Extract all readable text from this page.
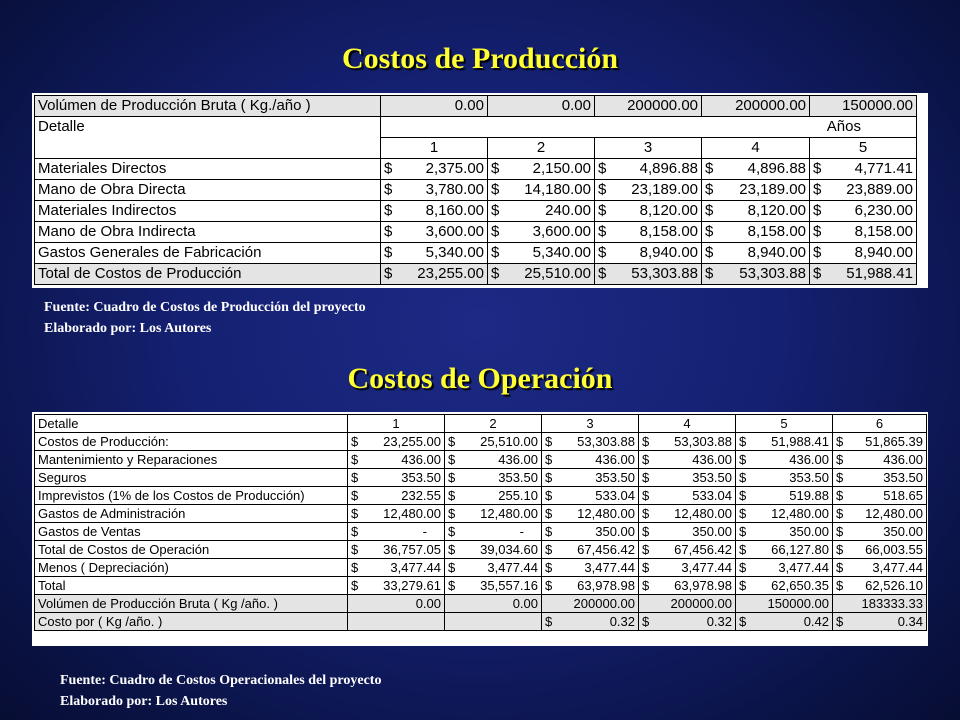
Costos de Producción
Volúmen de Producción Bruta ( Kg./año )	0.00	0.00	200000.00	200000.00	150000.00
Detalle	Años				
	1	2	3	4	5
Materiales Directos	$ 2,375.00	$ 2,150.00	$ 4,896.88	$ 4,896.88	$ 4,771.41

Mano de Obra Directa	$ 3,780.00	$ 14,180.00	$ 23,189.00	$ 23,189.00	$ 23,889.00

Materiales Indirectos	$ 8,160.00	$ 240.00	$ 8,120.00	$ 8,120.00	$ 6,230.00

Mano de Obra Indirecta	$ 3,600.00	$ 3,600.00	$ 8,158.00	$ 8,158.00	$ 8,158.00

Gastos Generales de Fabricación	$ 5,340.00	$ 5,340.00	$ 8,940.00	$ 8,940.00	$ 8,940.00

Total de Costos de Producción	$ 23,255.00	$ 25,510.00	$ 53,303.88	$ 53,303.88	$ 51,988.41

Fuente: Cuadro de Costos de Producción del proyecto

Elaborado por: Los Autores

Costos de Operación
Detalle	1	2	3	4	5	6
Costos de Producción:	$ 23,255.00	$ 25,510.00	$ 53,303.88	$ 53,303.88	$ 51,988.41	$ 51,865.39

Mantenimiento y Reparaciones	$ 436.00	$ 436.00	$ 436.00	$ 436.00	$ 436.00	$ 436.00

Seguros	$ 353.50	$ 353.50	$ 353.50	$ 353.50	$ 353.50	$ 353.50

Imprevistos (1% de los Costos de Producción)	$ 232.55	$ 255.10	$ 533.04	$ 533.04	$ 519.88	$ 518.65

Gastos de Administración	$ 12,480.00	$ 12,480.00	$ 12,480.00	$ 12,480.00	$ 12,480.00	$ 12,480.00

Gastos de Ventas	$ -	$ -	$ 350.00	$ 350.00	$ 350.00	$ 350.00

Total de Costos de Operación	$ 36,757.05	$ 39,034.60	$ 67,456.42	$ 67,456.42	$ 66,127.80	$ 66,003.55

Menos ( Depreciación)	$ 3,477.44	$ 3,477.44	$ 3,477.44	$ 3,477.44	$ 3,477.44	$ 3,477.44

Total	$ 33,279.61	$ 35,557.16	$ 63,978.98	$ 63,978.98	$ 62,650.35	$ 62,526.10

Volúmen de Producción Bruta ( Kg /año. )	0.00	0.00	200000.00	200000.00	150000.00	183333.33
Costo por ( Kg /año. )			$ 0.32	$ 0.32	$ 0.42	$ 0.34

Fuente: Cuadro de Costos Operacionales del proyecto

Elaborado por: Los Autores
